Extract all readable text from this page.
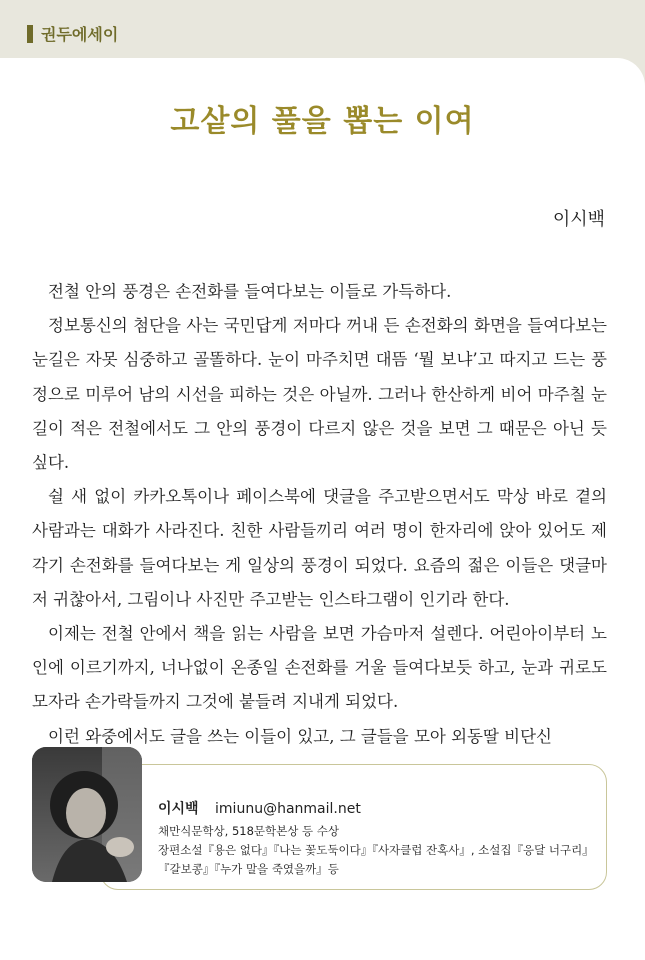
권두에세이
고샅의 풀을 뽑는 이여
이시백

전철 안의 풍경은 손전화를 들여다보는 이들로 가득하다.

정보통신의 첨단을 사는 국민답게 저마다 꺼내 든 손전화의 화면을 들여다보는 눈길은 자못 심중하고 골똘하다. 눈이 마주치면 대뜸 ‘뭘 보냐’고 따지고 드는 풍정으로 미루어 남의 시선을 피하는 것은 아닐까. 그러나 한산하게 비어 마주칠 눈길이 적은 전철에서도 그 안의 풍경이 다르지 않은 것을 보면 그 때문은 아닌 듯싶다.

쉴 새 없이 카카오톡이나 페이스북에 댓글을 주고받으면서도 막상 바로 곁의 사람과는 대화가 사라진다. 친한 사람들끼리 여러 명이 한자리에 앉아 있어도 제각기 손전화를 들여다보는 게 일상의 풍경이 되었다. 요즘의 젊은 이들은 댓글마저 귀찮아서, 그림이나 사진만 주고받는 인스타그램이 인기라 한다.

이제는 전철 안에서 책을 읽는 사람을 보면 가슴마저 설렌다. 어린아이부터 노인에 이르기까지, 너나없이 온종일 손전화를 거울 들여다보듯 하고, 눈과 귀로도 모자라 손가락들까지 그것에 붙들려 지내게 되었다.

이런 와중에서도 글을 쓰는 이들이 있고, 그 글들을 모아 외동딸 비단신

이시백 imiunu@hanmail.net
채만식문학상, 518문학본상 등 수상
장편소설『용은 없다』『나는 꽃도둑이다』『사자클럽 잔혹사』, 소설집『응달 너구리』『갈보콩』『누가 말을 죽였을까』등
